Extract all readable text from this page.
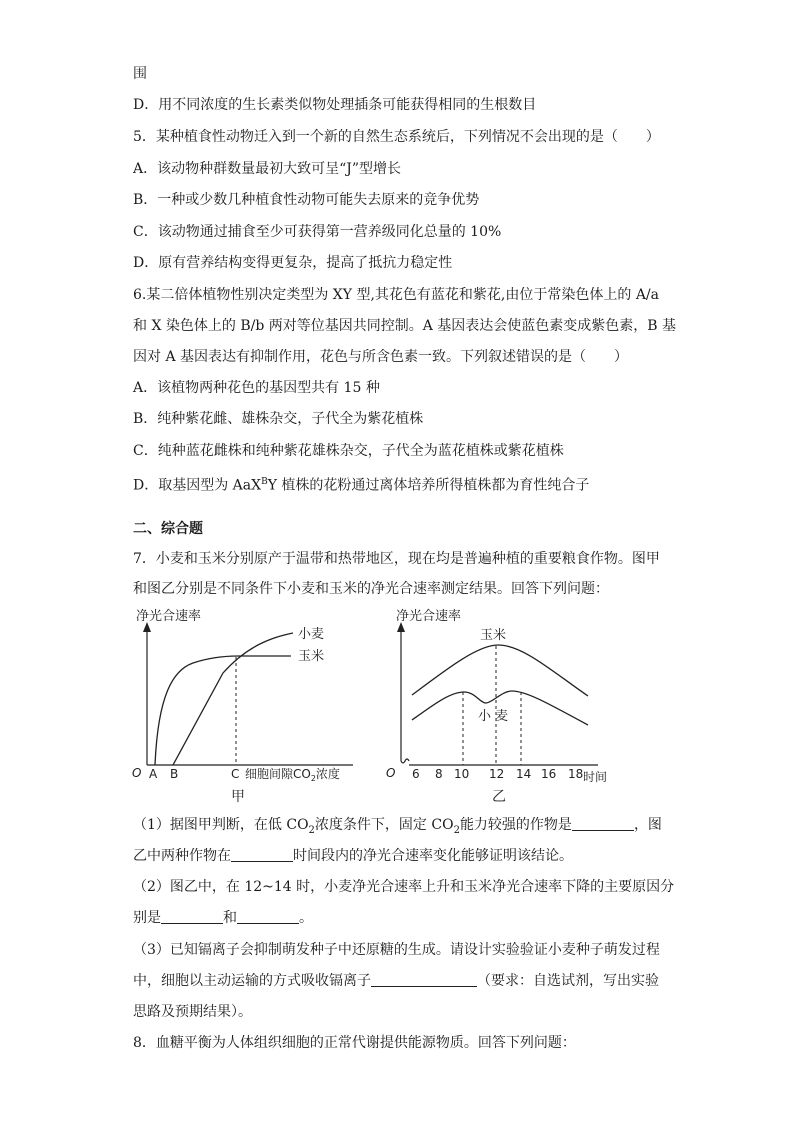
围
D．用不同浓度的生长素类似物处理插条可能获得相同的生根数目
5．某种植食性动物迁入到一个新的自然生态系统后，下列情况不会出现的是（　　）
A．该动物种群数量最初大致可呈“J”型增长
B．一种或少数几种植食性动物可能失去原来的竞争优势
C．该动物通过捕食至少可获得第一营养级同化总量的 10%
D．原有营养结构变得更复杂，提高了抵抗力稳定性
6.某二倍体植物性别决定类型为 XY 型,其花色有蓝花和紫花,由位于常染色体上的 A/a
和 X 染色体上的 B/b 两对等位基因共同控制。A 基因表达会使蓝色素变成紫色素，B 基
因对 A 基因表达有抑制作用，花色与所含色素一致。下列叙述错误的是（　　）
A．该植物两种花色的基因型共有 15 种
B．纯种紫花雌、雄株杂交，子代全为紫花植株
C．纯种蓝花雌株和纯种紫花雄株杂交，子代全为蓝花植株或紫花植株
D．取基因型为 AaX$^B$Y 植株的花粉通过离体培养所得植株都为育性纯合子
二、综合题
7．小麦和玉米分别原产于温带和热带地区，现在均是普遍种植的重要粮食作物。图甲
和图乙分别是不同条件下小麦和玉米的净光合速率测定结果。回答下列问题：
净光合速率
O A B	C 细胞间隙$CO_2$浓度
小麦
玉米
甲
净光合速率
O 6 8 10 12 14 16 18 时间
玉米
小 麦
乙
（1）据图甲判断，在低 $CO_2$浓度条件下，固定 $CO_2$能力较强的作物是	，图
乙中两种作物在	时间段内的净光合速率变化能够证明该结论。
（2）图乙中，在 12~14 时，小麦净光合速率上升和玉米净光合速率下降的主要原因分
别是	和	。
（3）已知镉离子会抑制萌发种子中还原糖的生成。请设计实验验证小麦种子萌发过程
中，细胞以主动运输的方式吸收镉离子	（要求：自选试剂，写出实验
思路及预期结果）。
8．血糖平衡为人体组织细胞的正常代谢提供能源物质。回答下列问题：
